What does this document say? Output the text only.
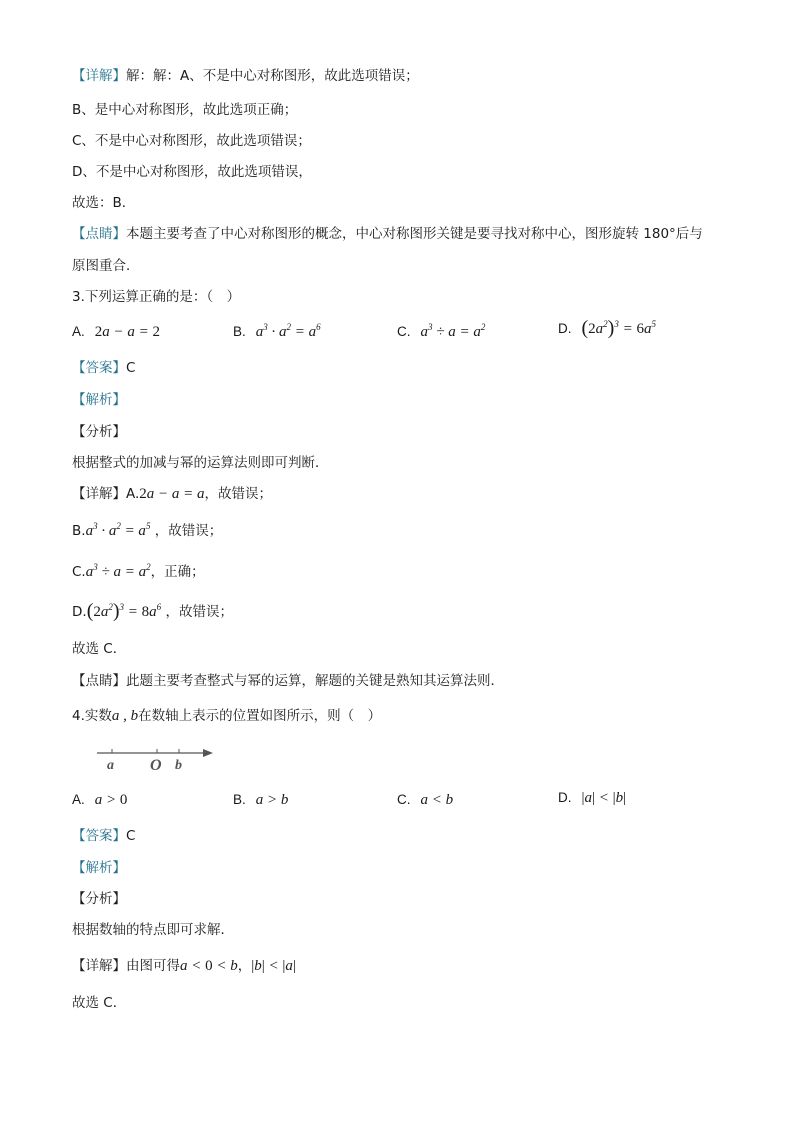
【详解】解：解：A、不是中心对称图形，故此选项错误；
B、是中心对称图形，故此选项正确；
C、不是中心对称图形，故此选项错误；
D、不是中心对称图形，故此选项错误，
故选：B．
【点睛】本题主要考查了中心对称图形的概念，中心对称图形关键是要寻找对称中心，图形旋转 180°后与
原图重合．
3.下列运算正确的是：（　）
A. 2a − a = 2	B. $a^3 \cdot a^2 = a^6$	C. $a^3 \div a = a^2$	D. $(2a^2)^3 = 6a^5$
【答案】C
【解析】
【分析】
根据整式的加减与幂的运算法则即可判断．
【详解】A.2a − a = a，故错误；
$B.a^3 \cdot a^2 = a^5$ ，故错误；
$C.a^3 \div a = a^2$，正确；
$D.(2a^2)^3 = 8a^6$ ，故错误；
故选 C．
【点睛】此题主要考查整式与幂的运算，解题的关键是熟知其运算法则．
4.实数a , b在数轴上表示的位置如图所示，则（　）
a O b
A. a > 0	B. a > b	C. a < b	D. |a| < |b|
【答案】C
【解析】
【分析】
根据数轴的特点即可求解．
【详解】由图可得a < 0 < b，|b| < |a|
故选 C．
